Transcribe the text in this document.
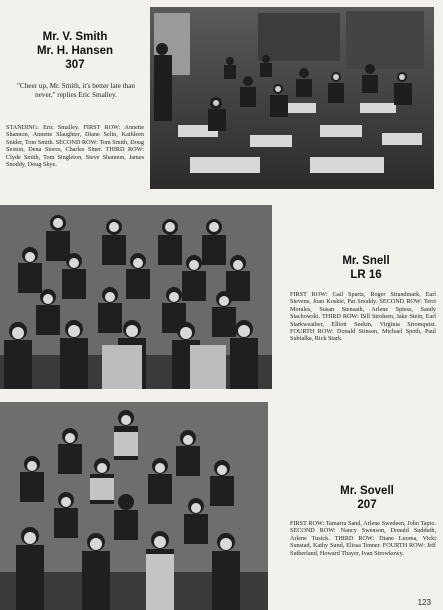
Mr. V. Smith
Mr. H. Hansen
307
"Cheer up, Mr. Smith, it's better late than never," replies Eric Smalley.
STANDING: Eric Smalley. FIRST ROW: Annette Shannon, Annette Slaughter, Diane Selin, Kathleen Snider, Tom Smith. SECOND ROW: Tom Smith, Doug Sexton, Dena Stores, Charles Siner. THIRD ROW: Clyde Smith, Tom Singleton, Steve Shannon, James Snoddy, Doug Skye.
Mr. Snell
LR 16
FIRST ROW: Gail Spartz, Roger Strandmark, Earl Stevens, Joan Koskie, Pat Snoddy. SECOND ROW: Terri Morales, Susan Stensath, Arlene Spiess, Sandy Stachowski. THIRD ROW: Bill Strohem, Jake Stein, Earl Starkweather, Elliott Seekin, Virginia Stromquist. FOURTH ROW: Donald Stinson, Michael Spoth, Paul Subialka, Rick Stark.
Mr. Sovell
207
FIRST ROW: Tamarra Sand, Arlene Swedeen, John Tapio. SECOND ROW: Nancy Swenson, Donald Sudduth, Arlene Tusick. THIRD ROW: Diane Luoma, Vicki Sunstad, Kathy Sund, Elissa Tenner. FOURTH ROW: Jeff Sutherland, Howard Thayer, Ivan Strowkowy.
123
